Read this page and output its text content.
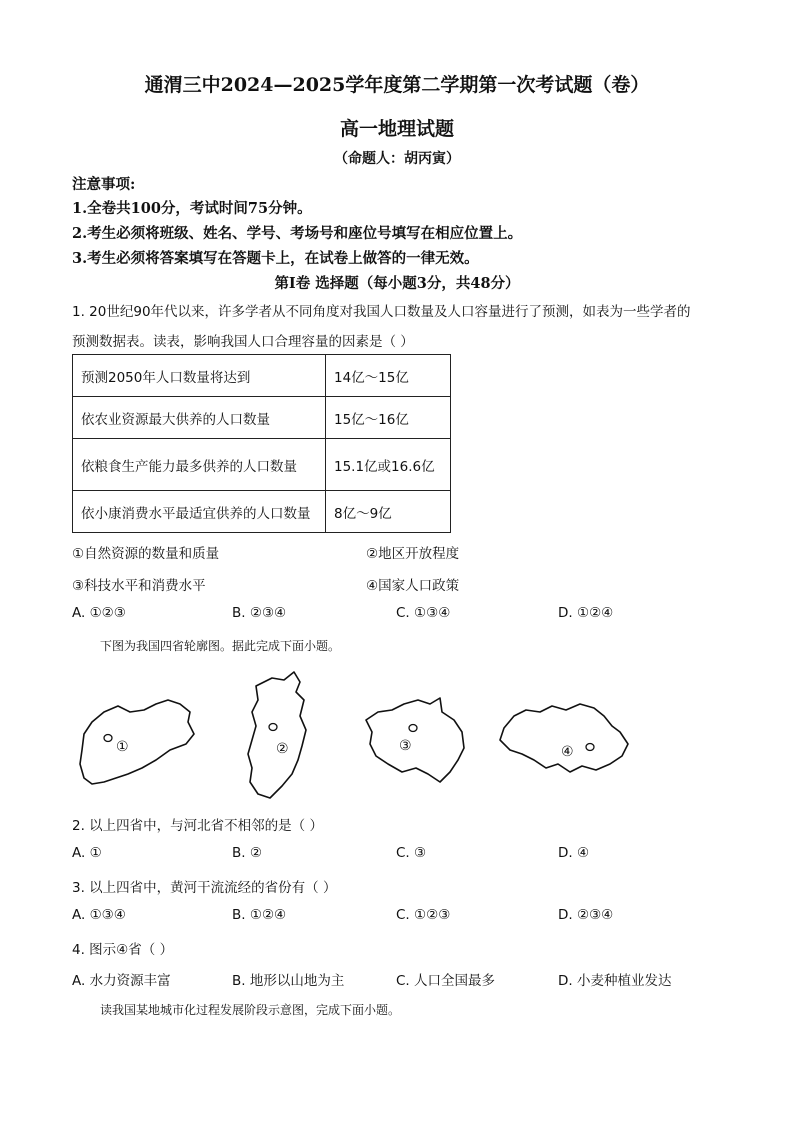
通渭三中2024—2025学年度第二学期第一次考试题（卷）
高一地理试题
（命题人：胡丙寅）
注意事项:
1.全卷共100分，考试时间75分钟。
2.考生必须将班级、姓名、学号、考场号和座位号填写在相应位置上。
3.考生必须将答案填写在答题卡上，在试卷上做答的一律无效。
第Ⅰ卷 选择题（每小题3分，共48分）
1. 20世纪90年代以来，许多学者从不同角度对我国人口数量及人口容量进行了预测，如表为一些学者的
预测数据表。读表，影响我国人口合理容量的因素是（ ）
预测2050年人口数量将达到	14亿～15亿
依农业资源最大供养的人口数量	15亿～16亿
依粮食生产能力最多供养的人口数量	15.1亿或16.6亿
依小康消费水平最适宜供养的人口数量	8亿～9亿
①自然资源的数量和质量	②地区开放程度
③科技水平和消费水平	④国家人口政策
A. ①②③	B. ②③④	C. ①③④	D. ①②④
下图为我国四省轮廓图。据此完成下面小题。
①	②	③	④
2. 以上四省中，与河北省不相邻的是（ ）
A. ①	B. ②	C. ③	D. ④
3. 以上四省中，黄河干流流经的省份有（ ）
A. ①③④	B. ①②④	C. ①②③	D. ②③④
4. 图示④省（ ）
A. 水力资源丰富	B. 地形以山地为主	C. 人口全国最多	D. 小麦种植业发达
读我国某地城市化过程发展阶段示意图，完成下面小题。
